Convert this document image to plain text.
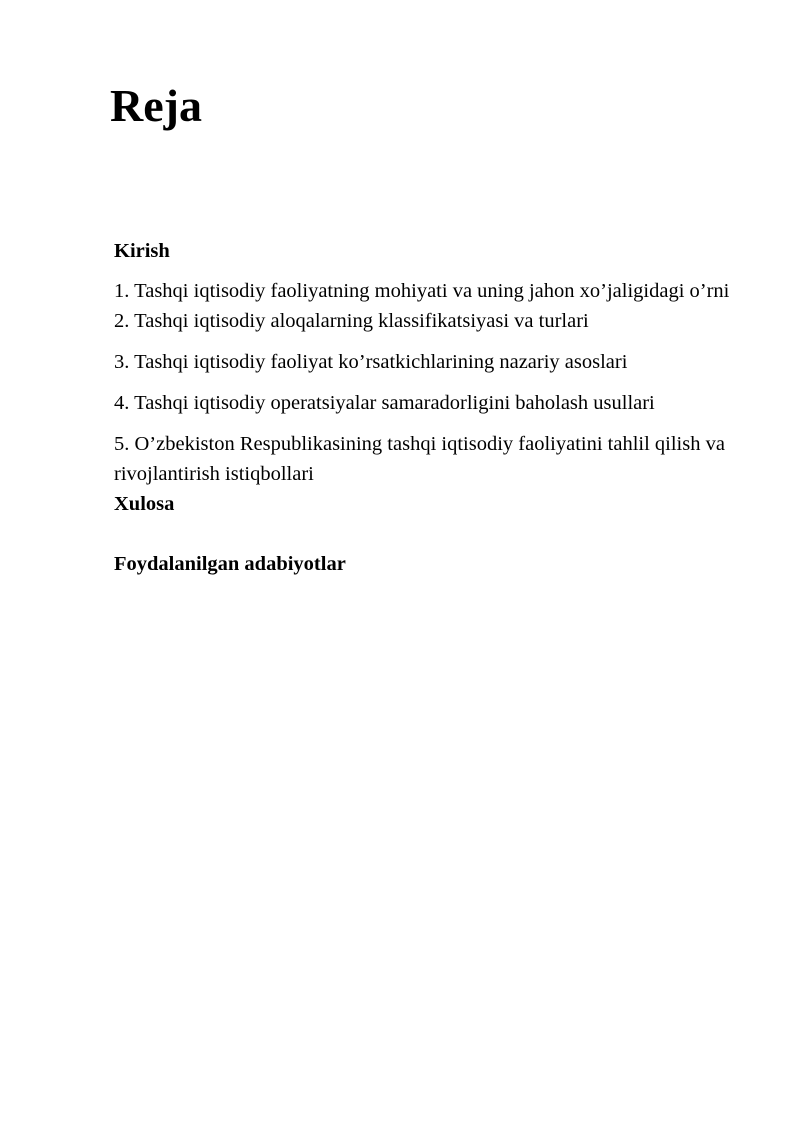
Reja

Kirish

1. Tashqi iqtisodiy faoliyatning mohiyati va uning jahon xo’jaligidagi o’rni

2. Tashqi iqtisodiy aloqalarning klassifikatsiyasi va turlari

3. Tashqi iqtisodiy faoliyat ko’rsatkichlarining nazariy asoslari

4. Tashqi iqtisodiy operatsiyalar samaradorligini baholash usullari

5. O’zbekiston Respublikasining tashqi iqtisodiy faoliyatini tahlil qilish va rivojlantirish istiqbollari

Xulosa

Foydalanilgan adabiyotlar
